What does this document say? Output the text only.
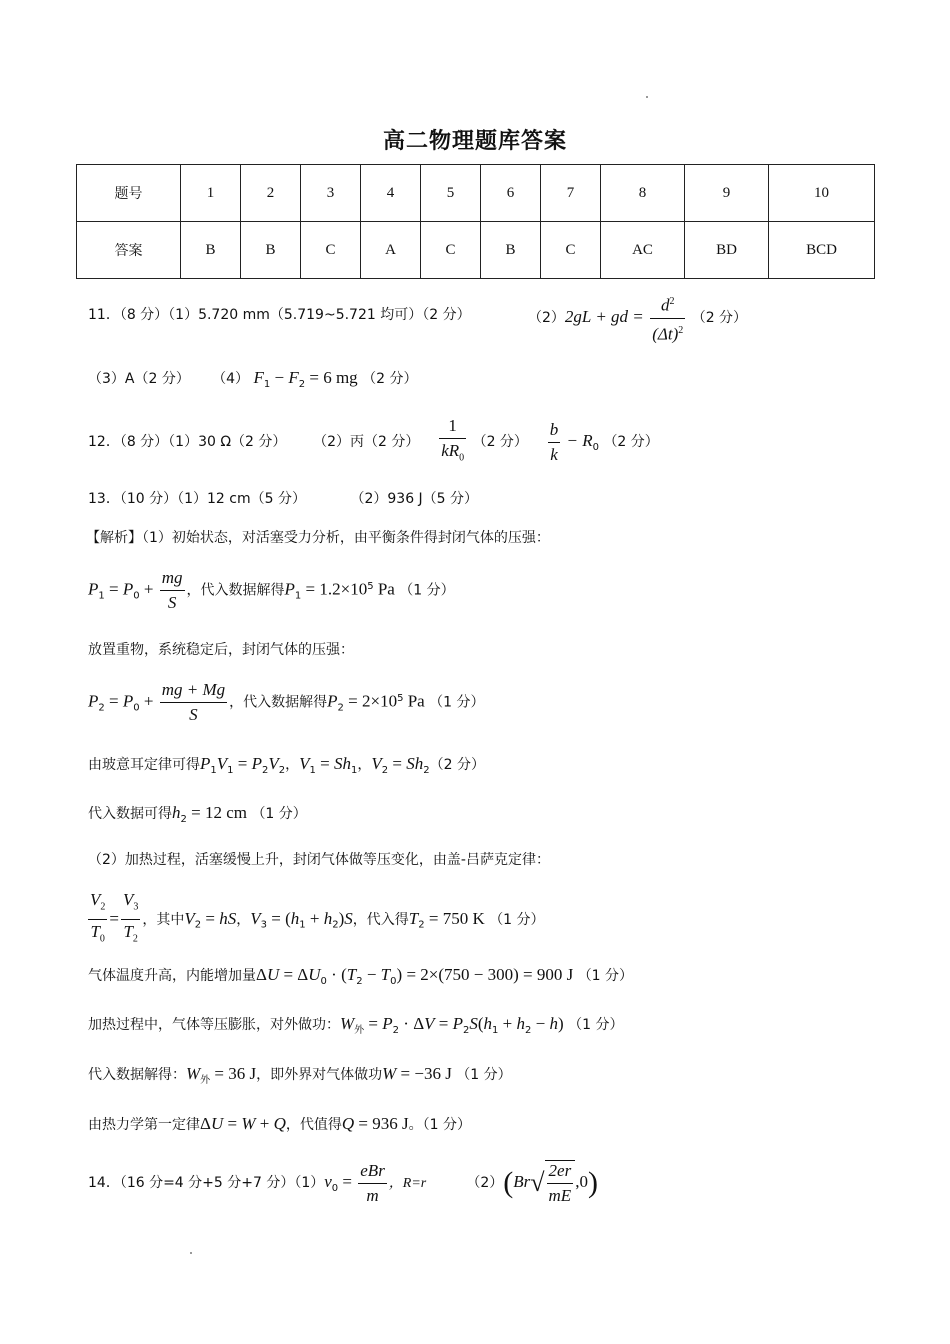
高二物理题库答案
题号	1	2	3	4	5	6	7	8	9	10
答案	B	B	C	A	C	B	C	AC	BD	BCD
11．（8 分）（1）5.720 mm（5.719~5.721 均可）（2 分）	（2）2gL + gd = $\frac{d^2}{(\Delta t)^2} (2$ 分）
（3）A（2 分） （4） $F_1 - F_2 = 6$ mg （2 分）
12．（8 分）（1）30 Ω（2 分） （2）丙（2 分） $\frac{1}{kR_0} (2$ 分） $\frac{b}{k} - R_0$ （2 分）
13．（10 分）（1）12 cm（5 分）	（2）936 J（5 分）
【解析】（1）初始状态，对活塞受力分析，由平衡条件得封闭气体的压强：
$P_1 = P_0 + \frac{mg}{S}$ ，代入数据解得$P_1 = 1.2\times 10^5$ Pa （1 分）
放置重物，系统稳定后，封闭气体的压强：
$P_2 = P_0 + \frac{mg + Mg}{S}$ ，代入数据解得$P_2 = 2\times 10^5$ Pa （1 分）
由玻意耳定律可得$P_1V_1 = P_2V_2$，$V_1 = Sh_1$，$V_2 = Sh_2(2$ 分）
代入数据可得$h_2 = 12$ cm （1 分）
（2）加热过程，活塞缓慢上升，封闭气体做等压变化，由盖-吕萨克定律：
$\frac{V_2}{T_0} = \frac{V_3}{T_2}$ ，其中$V_2$ = hS，$V_3 = (h_1 + h_2)S$，代入得$T_2 = 750$ K （1 分）
气体温度升高，内能增加量$\Delta U = \Delta U_0 \cdot (T_2 - T_0) = 2\times(750 - 300) = 900$ J （1 分）
加热过程中，气体等压膨胀，对外做功：$W_外 = P_2 \cdot \Delta V = P_2S(h_1 + h_2 - h)$ （1 分）
代入数据解得：$W_外 = 36$ J，即外界对气体做功W = −36 J （1 分）
由热力学第一定律ΔU = W + Q，代值得Q = 936 J。（1 分）
14．（16 分=4 分+5 分+7 分）$(1)v_0 = \frac{\text{eBr}}{m}$ ，R=r	$(2)(Br√ \frac{2er}{mE} ,0)$
